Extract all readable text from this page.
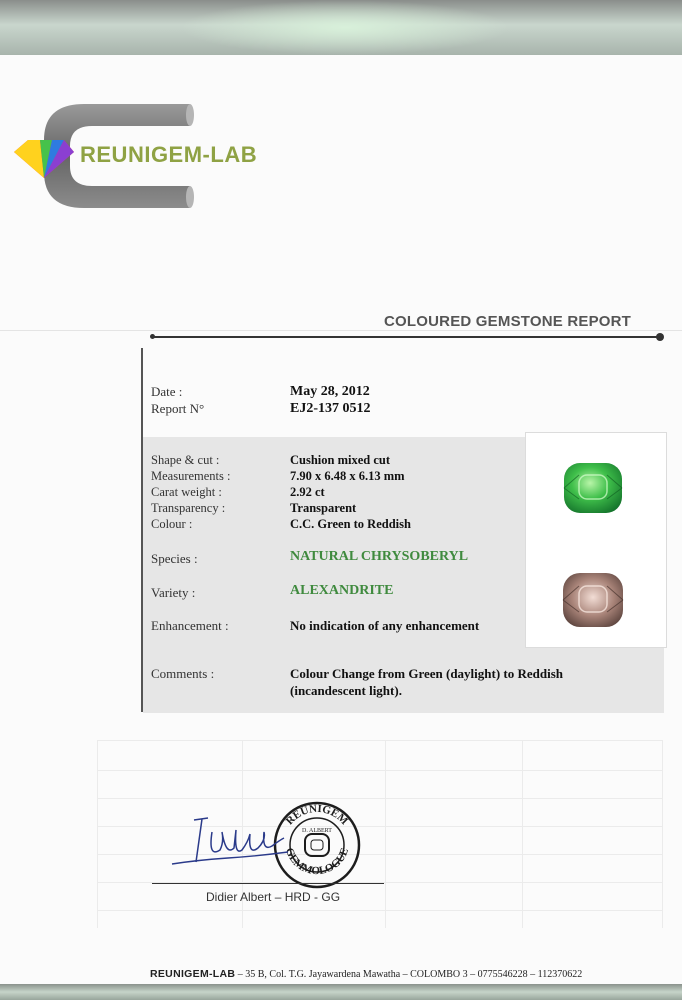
REUNIGEM-LAB
COLOURED GEMSTONE REPORT
Date :	May 28, 2012
Report N°	EJ2-137 0512
Shape & cut :	Cushion mixed cut
Measurements :	7.90 x 6.48 x 6.13 mm
Carat weight :	2.92 ct
Transparency :	Transparent
Colour :	C.C. Green to Reddish
Species :	NATURAL CHRYSOBERYL
Variety :	ALEXANDRITE
Enhancement :	No indication of any enhancement
Comments :	Colour Change from Green (daylight) to Reddish
(incandescent light).
REUNIGEM
GEMMOLOGUE
D. ALBERT
Didier Albert – HRD - GG
REUNIGEM-LAB – 35 B, Col. T.G. Jayawardena Mawatha – COLOMBO 3 – 0775546228 – 112370622
